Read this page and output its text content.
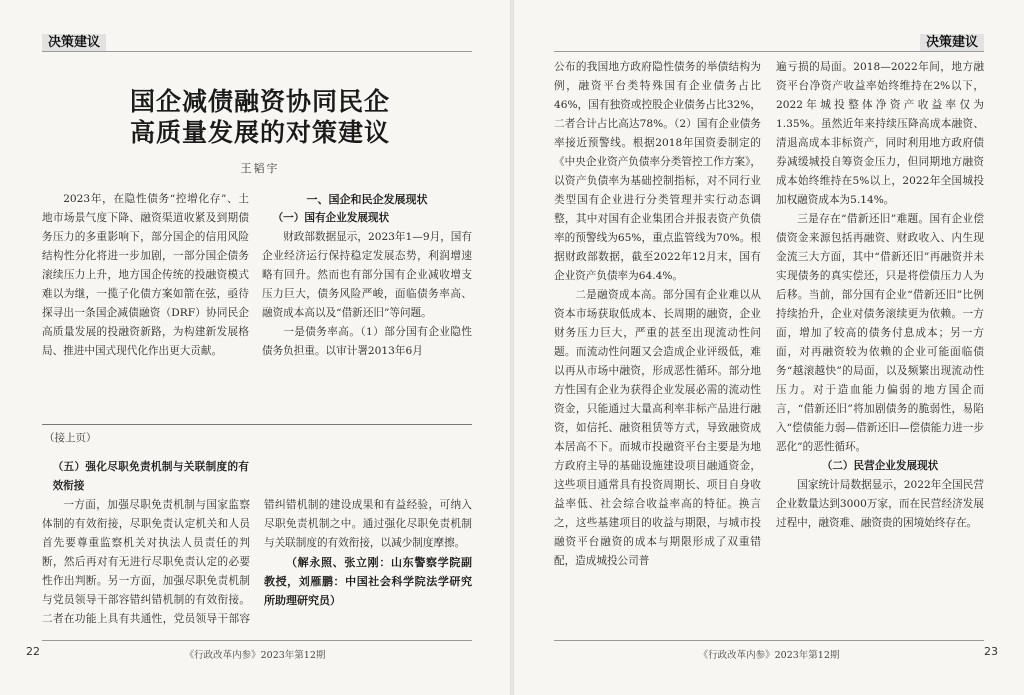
决策建议
国企减债融资协同民企
高质量发展的对策建议
王韬宇

2023年，在隐性债务“控增化存”、土地市场景气度下降、融资渠道收紧及到期债务压力的多重影响下，部分国企的信用风险结构性分化将进一步加剧，一部分国企债务滚续压力上升，地方国企传统的投融资模式难以为继，一揽子化债方案如箭在弦，亟待探寻出一条国企减债融资（DRF）协同民企高质量发展的投融资新路，为构建新发展格局、推进中国式现代化作出更大贡献。

一、国企和民企发展现状
（一）国有企业发展现状

财政部数据显示，2023年1—9月，国有企业经济运行保持稳定发展态势，利润增速略有回升。然而也有部分国有企业减收增支压力巨大，债务风险严峻，面临债务率高、融资成本高以及“借新还旧”等问题。

一是债务率高。（1）部分国有企业隐性债务负担重。以审计署2013年6月

（接上页）
（五）强化尽职免责机制与关联制度的有效衔接

一方面，加强尽职免责机制与国家监察体制的有效衔接，尽职免责认定机关和人员首先要尊重监察机关对执法人员责任的判断，然后再对有无进行尽职免责认定的必要性作出判断。另一方面，加强尽职免责机制与党员领导干部容错纠错机制的有效衔接。二者在功能上具有共通性，党员领导干部容错纠错机制的建设成果和有益经验，可纳入尽职免责机制之中。通过强化尽职免责机制与关联制度的有效衔接，以减少制度摩擦。

（解永照、张立刚：山东警察学院副教授，刘雁鹏：中国社会科学院法学研究所助理研究员）

22	《行政改革内参》2023年第12期
决策建议

公布的我国地方政府隐性债务的举债结构为例，融资平台类特殊国有企业债务占比46%，国有独资或控股企业债务占比32%，二者合计占比高达78%。（2）国有企业债务率接近预警线。根据2018年国资委制定的《中央企业资产负债率分类管控工作方案》，以资产负债率为基础控制指标，对不同行业类型国有企业进行分类管理并实行动态调整，其中对国有企业集团合并报表资产负债率的预警线为65%，重点监管线为70%。根据财政部数据，截至2022年12月末，国有企业资产负债率为64.4%。

二是融资成本高。部分国有企业难以从资本市场获取低成本、长周期的融资，企业财务压力巨大，严重的甚至出现流动性问题。而流动性问题又会造成企业评级低，难以再从市场中融资，形成恶性循环。部分地方性国有企业为获得企业发展必需的流动性资金，只能通过大量高利率非标产品进行融资，如信托、融资租赁等方式，导致融资成本居高不下。而城市投融资平台主要是为地方政府主导的基础设施建设项目融通资金，这些项目通常具有投资周期长、项目自身收益率低、社会综合收益率高的特征。换言之，这些基建项目的收益与期限，与城市投融资平台融资的成本与期限形成了双重错配，造成城投公司普

遍亏损的局面。2018—2022年间，地方融资平台净资产收益率始终维持在2%以下，2022年城投整体净资产收益率仅为1.35%。虽然近年来持续压降高成本融资、清退高成本非标资产，同时利用地方政府债券减缓城投自筹资金压力，但同期地方融资成本始终维持在5%以上，2022年全国城投加权融资成本为5.14%。

三是存在“借新还旧”难题。国有企业偿债资金来源包括再融资、财政收入、内生现金流三大方面，其中“借新还旧”再融资并未实现债务的真实偿还，只是将偿债压力人为后移。当前，部分国有企业“借新还旧”比例持续抬升，企业对债务滚续更为依赖。一方面，增加了较高的债务付息成本；另一方面，对再融资较为依赖的企业可能面临债务“越滚越快”的局面，以及频繁出现流动性压力。对于造血能力偏弱的地方国企而言，“借新还旧”将加剧债务的脆弱性，易陷入“偿债能力弱—借新还旧—偿债能力进一步恶化”的恶性循环。

（二）民营企业发展现状

国家统计局数据显示，2022年全国民营企业数量达到3000万家，而在民营经济发展过程中，融资难、融资贵的困境始终存在。

23
《行政改革内参》2023年第12期
